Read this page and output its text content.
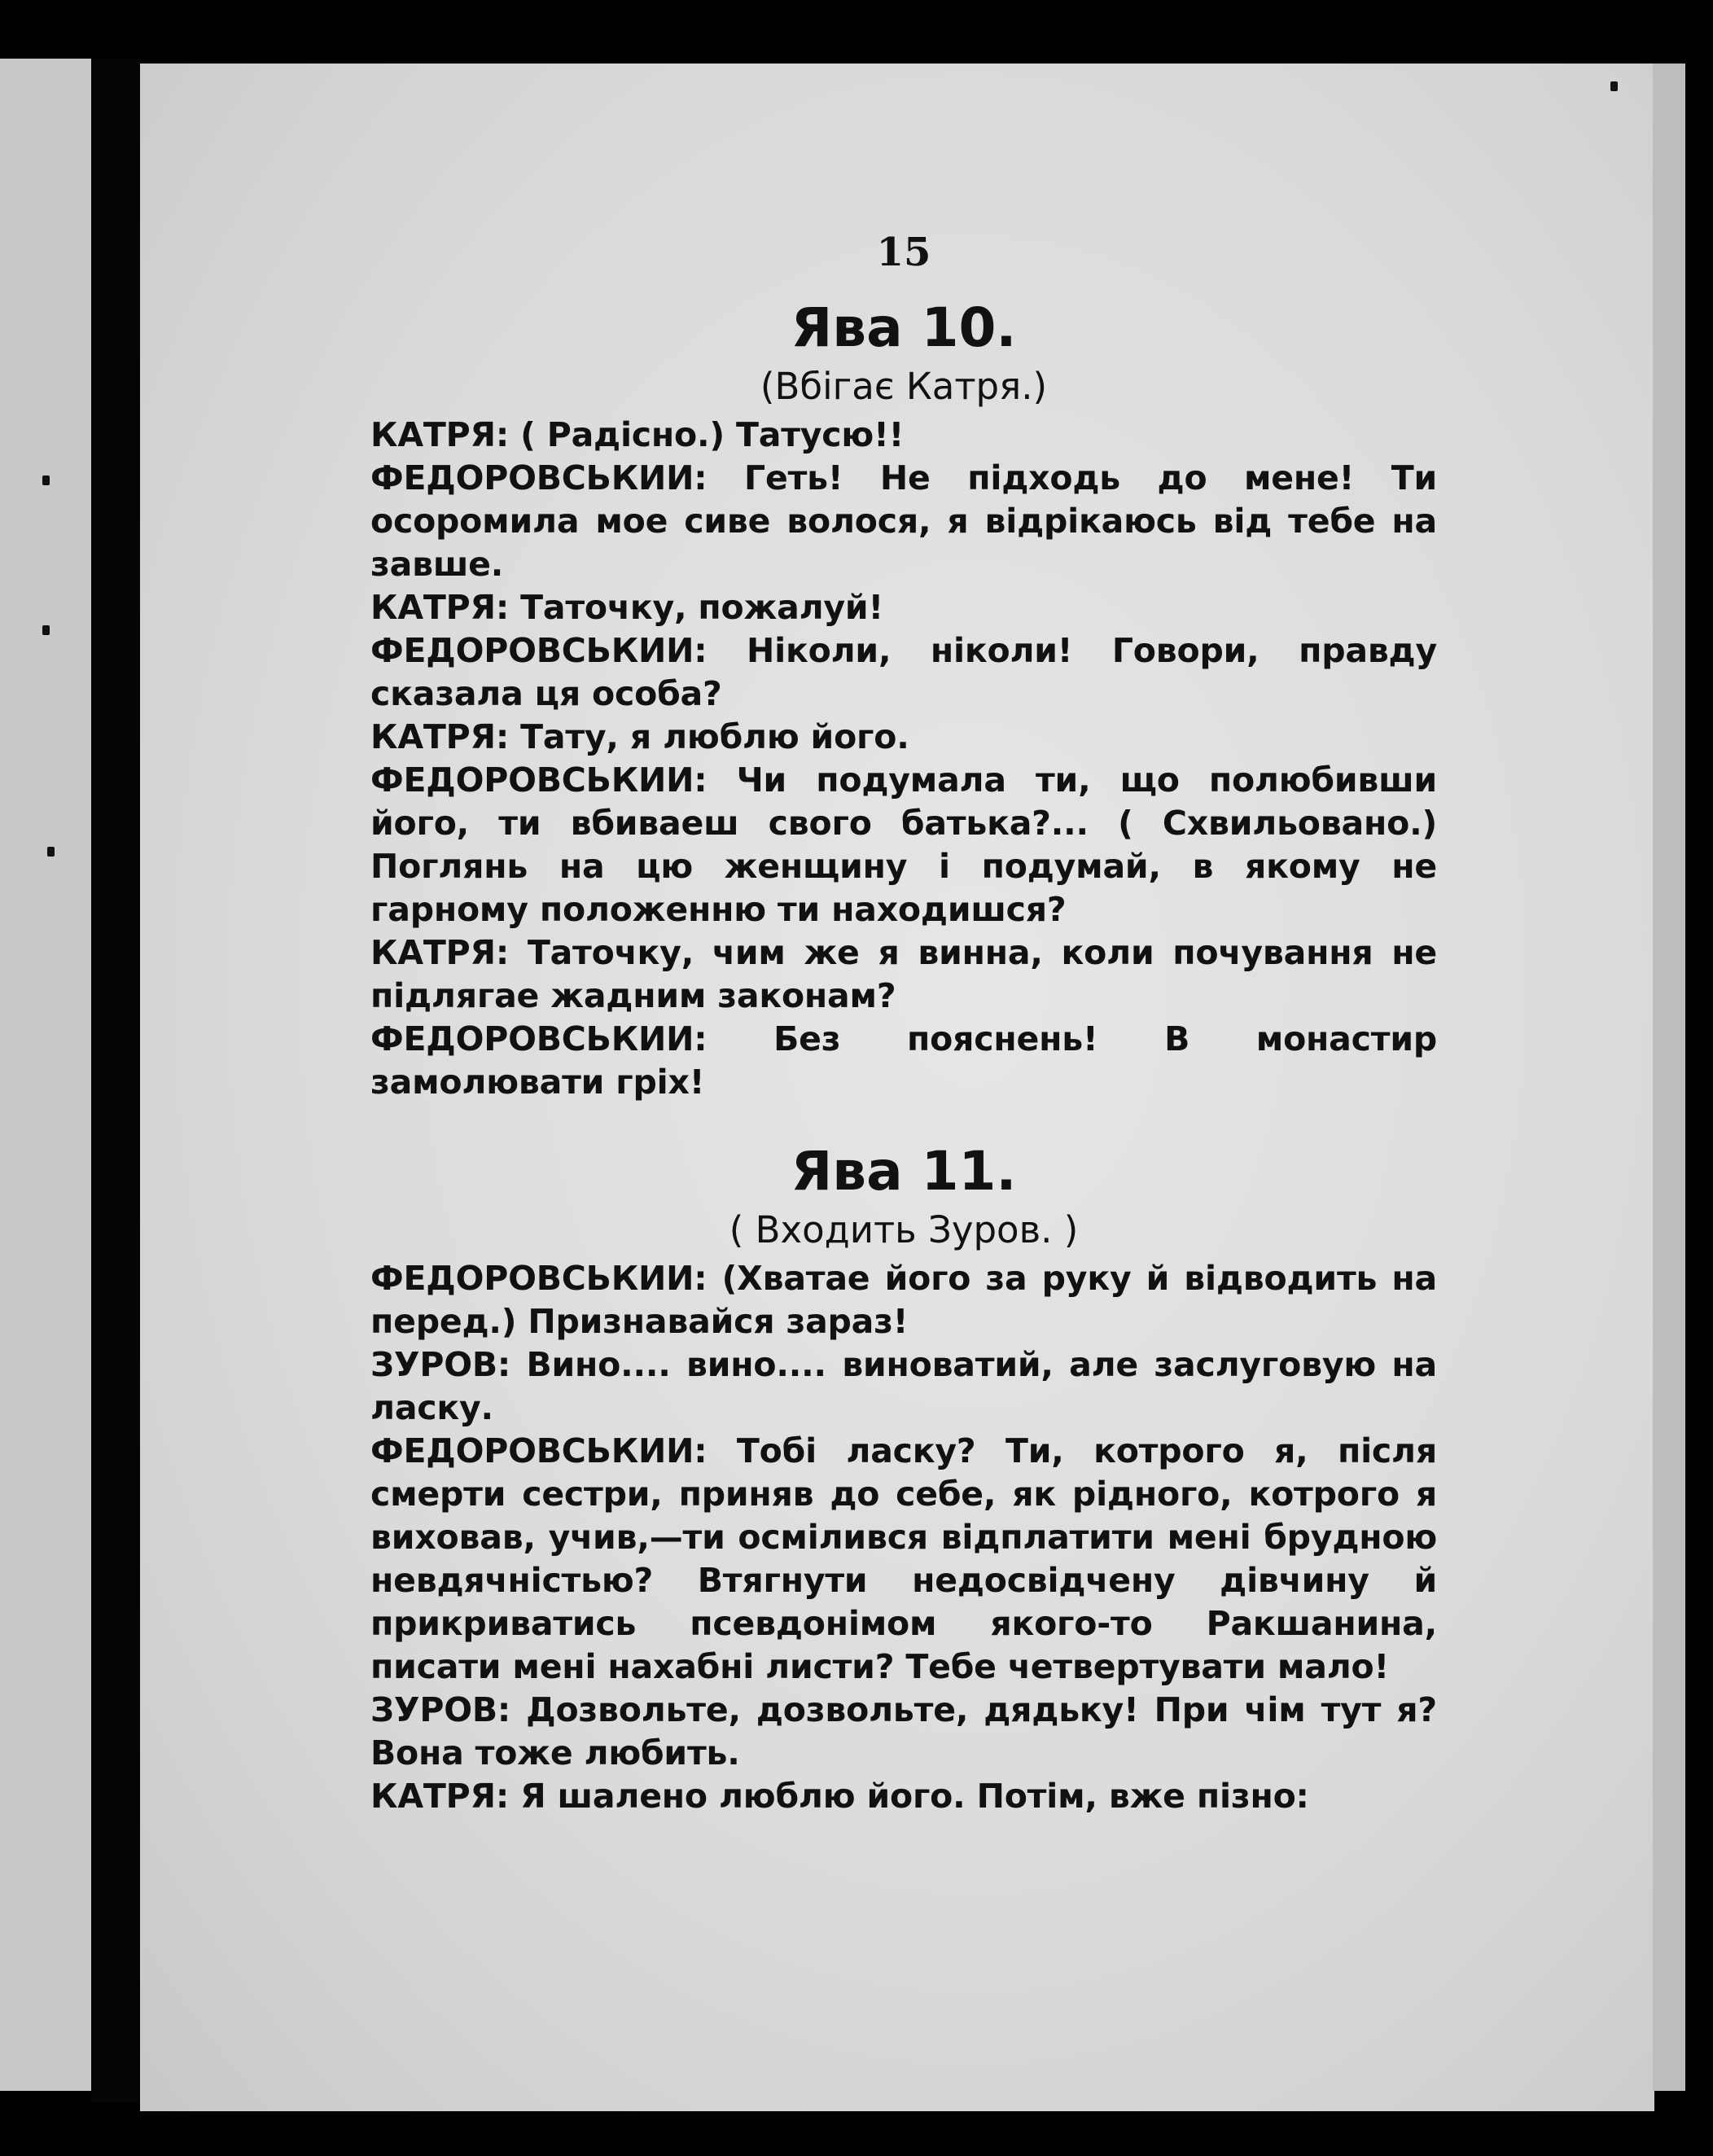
15
Ява 10.

(Вбігає Катря.)

КАТРЯ: ( Радісно.) Татусю!!

ФЕДОРОВСЬКИИ: Геть! Не підходь до мене! Ти осоромила мое сиве волося, я відрікаюсь від тебе на завше.

КАТРЯ: Таточку, пожалуй!

ФЕДОРОВСЬКИИ: Ніколи, ніколи! Говори, правду сказала ця особа?

КАТРЯ: Тату, я люблю його.

ФЕДОРОВСЬКИИ: Чи подумала ти, що полюбивши його, ти вбиваеш свого батька?... ( Схвильовано.) Поглянь на цю женщину і подумай, в якому не гарному положенню ти находишся?

КАТРЯ: Таточку, чим же я винна, коли почування не підлягае жадним законам?

ФЕДОРОВСЬКИИ: Без пояснень! В монастир замолювати гріх!

Ява 11.

( Входить Зуров. )

ФЕДОРОВСЬКИИ: (Хватае його за руку й відводить на перед.) Признавайся зараз!

ЗУРОВ: Вино.... вино.... виноватий, але заслуговую на ласку.

ФЕДОРОВСЬКИИ: Тобі ласку? Ти, котрого я, після смерти сестри, приняв до себе, як рідного, котрого я виховав, учив,—ти осмілився відплатити мені брудною невдячністью? Втягнути недосвідчену дівчину й прикриватись псевдонімом якого-то Ракшанина, писати мені нахабні листи? Тебе четвертувати мало!

ЗУРОВ: Дозвольте, дозвольте, дядьку! При чім тут я? Вона тоже любить.

КАТРЯ: Я шалено люблю його. Потім, вже пізно:
